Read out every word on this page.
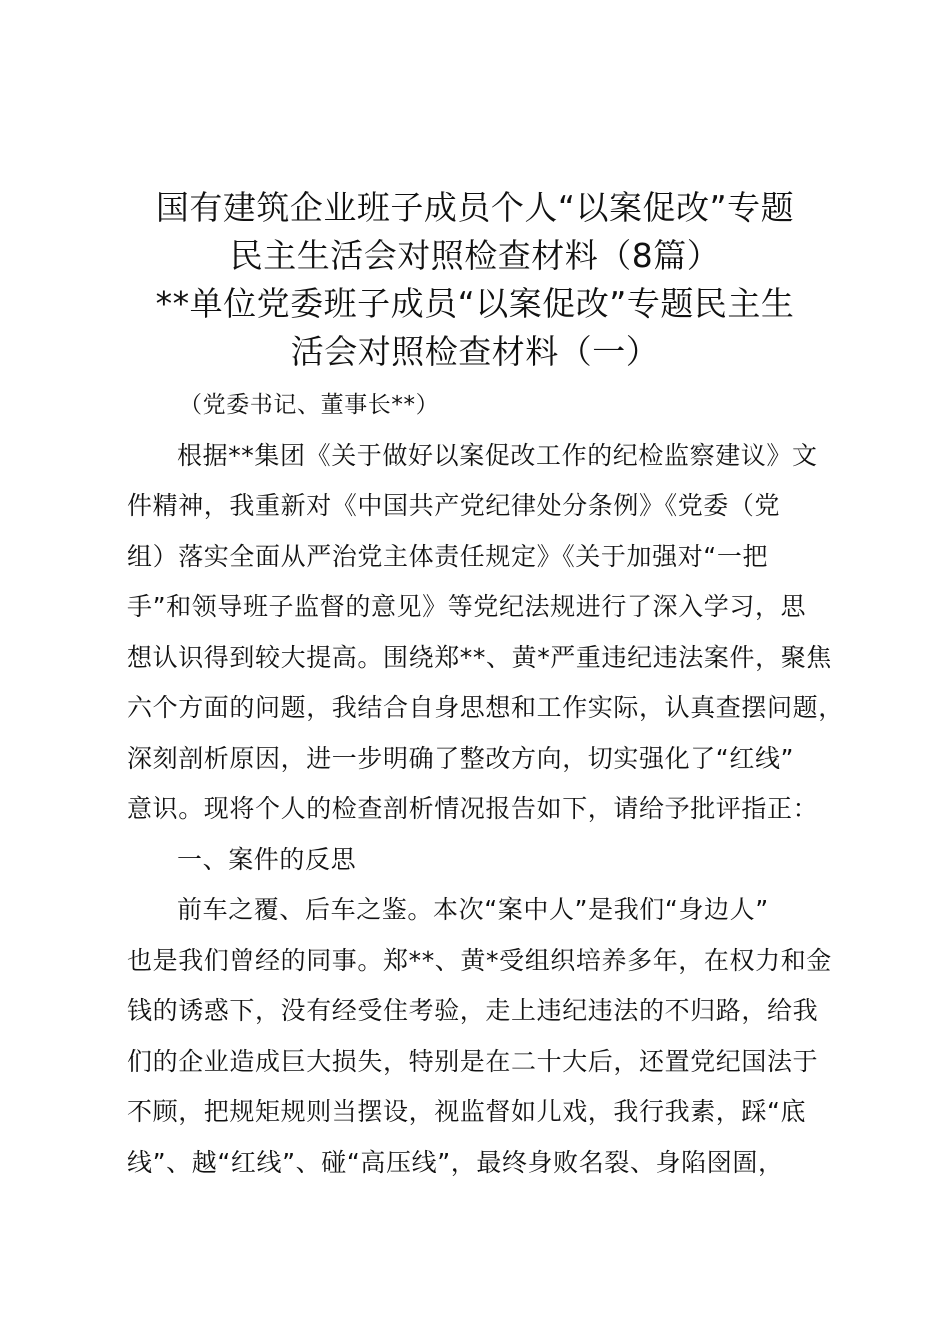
国有建筑企业班子成员个人“以案促改”专题
民主生活会对照检查材料（8篇）
**单位党委班子成员“以案促改”专题民主生
活会对照检查材料（一）
（党委书记、董事长**）
根据**集团《关于做好以案促改工作的纪检监察建议》文
件精神，我重新对《中国共产党纪律处分条例》《党委（党
组）落实全面从严治党主体责任规定》《关于加强对“一把
手”和领导班子监督的意见》等党纪法规进行了深入学习，思
想认识得到较大提高。围绕郑**、黄*严重违纪违法案件，聚焦
六个方面的问题，我结合自身思想和工作实际，认真查摆问题，
深刻剖析原因，进一步明确了整改方向，切实强化了“红线”
意识。现将个人的检查剖析情况报告如下，请给予批评指正：
一、案件的反思
前车之覆、后车之鉴。本次“案中人”是我们“身边人”
也是我们曾经的同事。郑**、黄*受组织培养多年，在权力和金
钱的诱惑下，没有经受住考验，走上违纪违法的不归路，给我
们的企业造成巨大损失，特别是在二十大后，还置党纪国法于
不顾，把规矩规则当摆设，视监督如儿戏，我行我素，踩“底
线”、越“红线”、碰“高压线”，最终身败名裂、身陷囹圄，
